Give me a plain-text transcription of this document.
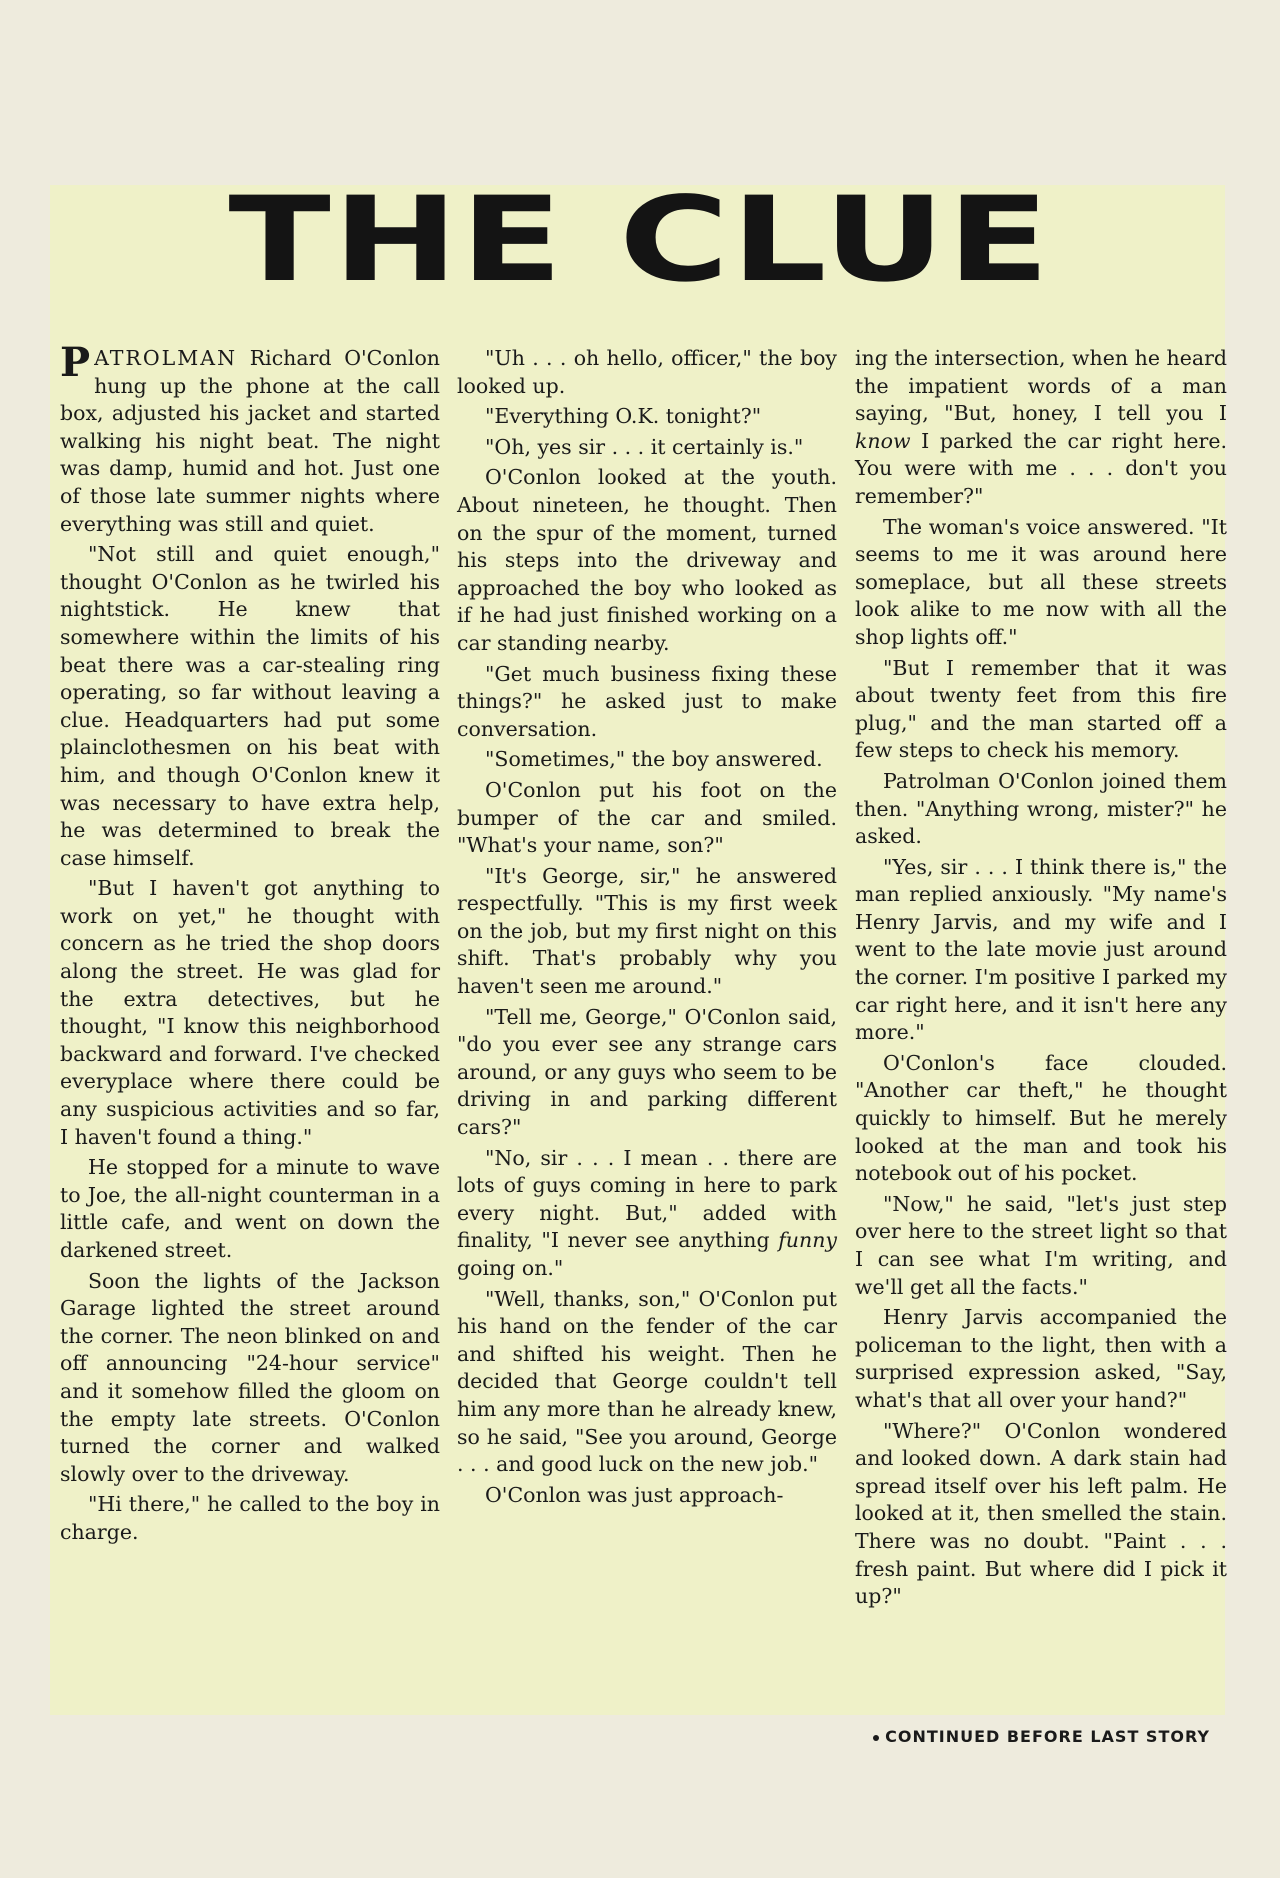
THE CLUE

PATROLMAN Richard O'Conlon hung up the phone at the call box, adjusted his jacket and started walking his night beat. The night was damp, humid and hot. Just one of those late summer nights where everything was still and quiet.

"Not still and quiet enough," thought O'Conlon as he twirled his nightstick. He knew that somewhere within the limits of his beat there was a car-stealing ring operating, so far without leaving a clue. Headquarters had put some plainclothesmen on his beat with him, and though O'Conlon knew it was necessary to have extra help, he was determined to break the case himself.

"But I haven't got anything to work on yet," he thought with concern as he tried the shop doors along the street. He was glad for the extra detectives, but he thought, "I know this neighborhood backward and forward. I've checked everyplace where there could be any suspicious activities and so far, I haven't found a thing."

He stopped for a minute to wave to Joe, the all-night counterman in a little cafe, and went on down the darkened street.

Soon the lights of the Jackson Garage lighted the street around the corner. The neon blinked on and off announcing "24-hour service" and it somehow filled the gloom on the empty late streets. O'Conlon turned the corner and walked slowly over to the driveway.

"Hi there," he called to the boy in charge.

"Uh . . . oh hello, officer," the boy looked up.

"Everything O.K. tonight?"

"Oh, yes sir . . . it certainly is."

O'Conlon looked at the youth. About nineteen, he thought. Then on the spur of the moment, turned his steps into the driveway and approached the boy who looked as if he had just finished working on a car standing nearby.

"Get much business fixing these things?" he asked just to make conversation.

"Sometimes," the boy answered.

O'Conlon put his foot on the bumper of the car and smiled. "What's your name, son?"

"It's George, sir," he answered respectfully. "This is my first week on the job, but my first night on this shift. That's probably why you haven't seen me around."

"Tell me, George," O'Conlon said, "do you ever see any strange cars around, or any guys who seem to be driving in and parking different cars?"

"No, sir . . . I mean . . there are lots of guys coming in here to park every night. But," added with finality, "I never see anything funny going on."

"Well, thanks, son," O'Conlon put his hand on the fender of the car and shifted his weight. Then he decided that George couldn't tell him any more than he already knew, so he said, "See you around, George . . . and good luck on the new job."

O'Conlon was just approach-

ing the intersection, when he heard the impatient words of a man saying, "But, honey, I tell you I know I parked the car right here. You were with me . . . don't you remember?"

The woman's voice answered. "It seems to me it was around here someplace, but all these streets look alike to me now with all the shop lights off."

"But I remember that it was about twenty feet from this fire plug," and the man started off a few steps to check his memory.

Patrolman O'Conlon joined them then. "Anything wrong, mister?" he asked.

"Yes, sir . . . I think there is," the man replied anxiously. "My name's Henry Jarvis, and my wife and I went to the late movie just around the corner. I'm positive I parked my car right here, and it isn't here any more."

O'Conlon's face clouded. "Another car theft," he thought quickly to himself. But he merely looked at the man and took his notebook out of his pocket.

"Now," he said, "let's just step over here to the street light so that I can see what I'm writing, and we'll get all the facts."

Henry Jarvis accompanied the policeman to the light, then with a surprised expression asked, "Say, what's that all over your hand?"

"Where?" O'Conlon wondered and looked down. A dark stain had spread itself over his left palm. He looked at it, then smelled the stain. There was no doubt. "Paint . . . fresh paint. But where did I pick it up?"

CONTINUED BEFORE LAST STORY
